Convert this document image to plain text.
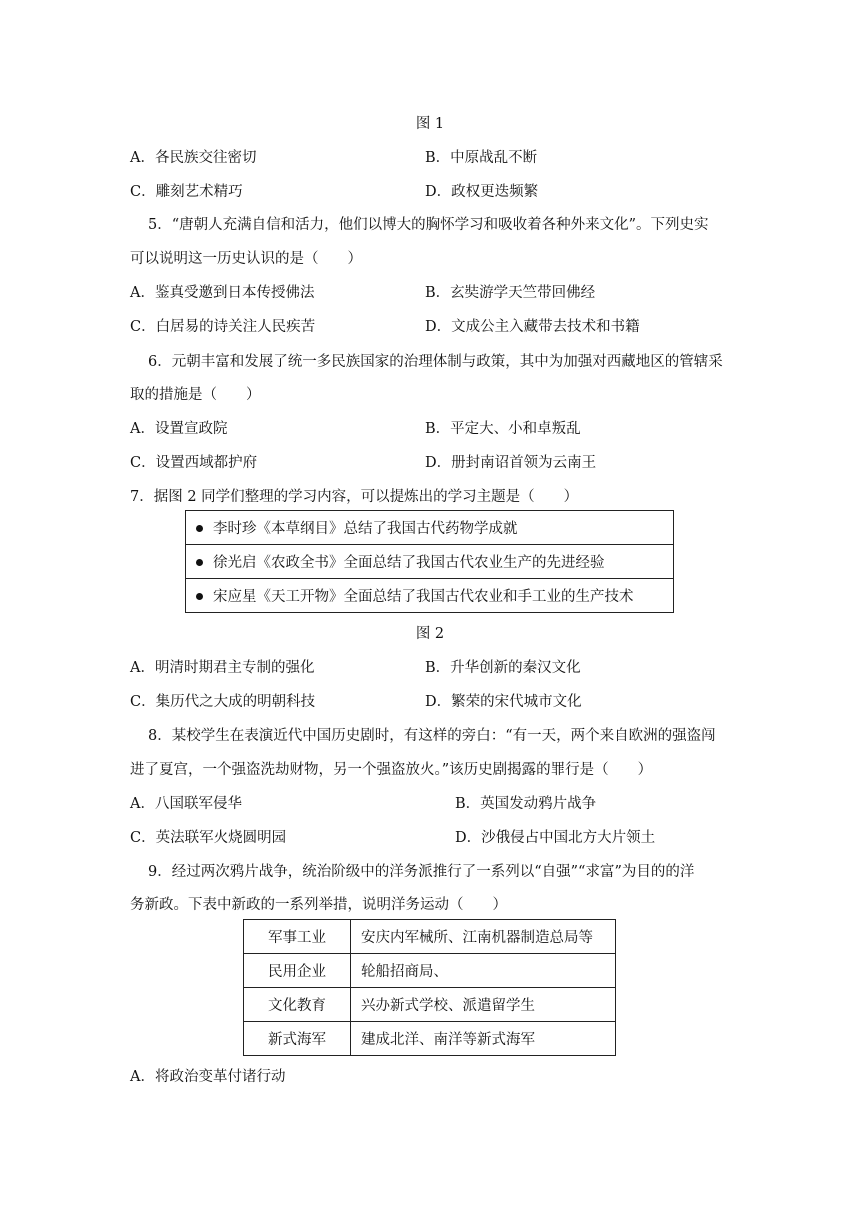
图 1
A．各民族交往密切	B．中原战乱不断
C．雕刻艺术精巧	D．政权更迭频繁
5．“唐朝人充满自信和活力，他们以博大的胸怀学习和吸收着各种外来文化”。下列史实
可以说明这一历史认识的是（　　）
A．鉴真受邀到日本传授佛法	B．玄奘游学天竺带回佛经
C．白居易的诗关注人民疾苦	D．文成公主入藏带去技术和书籍
6．元朝丰富和发展了统一多民族国家的治理体制与政策，其中为加强对西藏地区的管辖采
取的措施是（　　）
A．设置宣政院	B．平定大、小和卓叛乱
C．设置西域都护府	D．册封南诏首领为云南王
7．据图 2 同学们整理的学习内容，可以提炼出的学习主题是（　　）
李时珍《本草纲目》总结了我国古代药物学成就
徐光启《农政全书》全面总结了我国古代农业生产的先进经验
宋应星《天工开物》全面总结了我国古代农业和手工业的生产技术
图 2
A．明清时期君主专制的强化	B．升华创新的秦汉文化
C．集历代之大成的明朝科技	D．繁荣的宋代城市文化
8．某校学生在表演近代中国历史剧时，有这样的旁白：“有一天，两个来自欧洲的强盗闯
进了夏宫，一个强盗洗劫财物，另一个强盗放火。”该历史剧揭露的罪行是（　　）
A．八国联军侵华	B．英国发动鸦片战争
C．英法联军火烧圆明园	D．沙俄侵占中国北方大片领土
9．经过两次鸦片战争，统治阶级中的洋务派推行了一系列以“自强”“求富”为目的的洋
务新政。下表中新政的一系列举措，说明洋务运动（　　）
军事工业	安庆内军械所、江南机器制造总局等
民用企业	轮船招商局、
文化教育	兴办新式学校、派遣留学生
新式海军	建成北洋、南洋等新式海军
A．将政治变革付诸行动
